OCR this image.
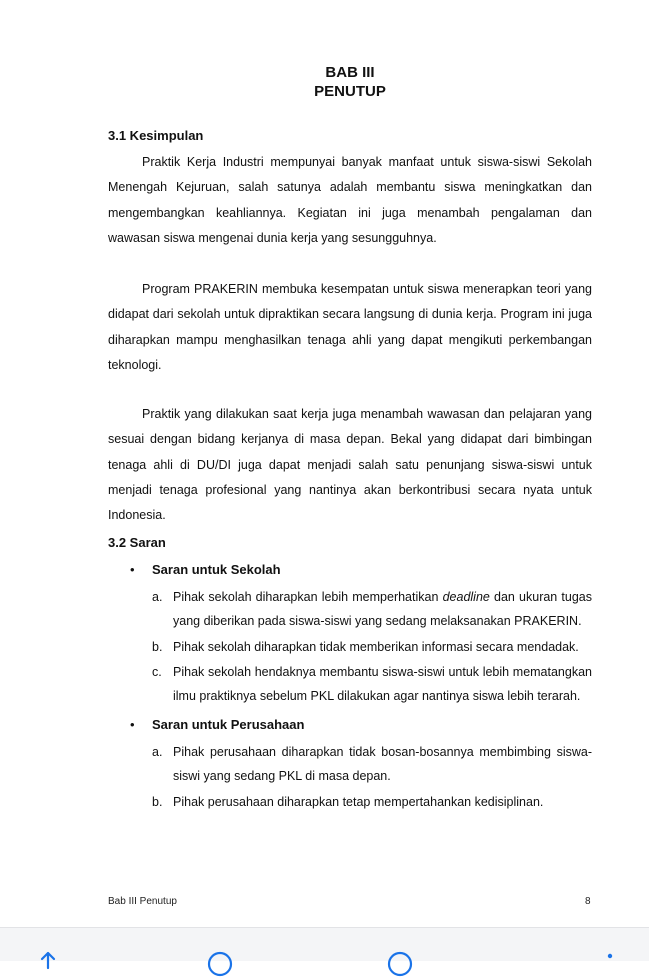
BAB III
PENUTUP
3.1 Kesimpulan
Praktik Kerja Industri mempunyai banyak manfaat untuk siswa-siswi Sekolah Menengah Kejuruan, salah satunya adalah membantu siswa meningkatkan dan mengembangkan keahliannya. Kegiatan ini juga menambah pengalaman dan wawasan siswa mengenai dunia kerja yang sesungguhnya.
Program PRAKERIN membuka kesempatan untuk siswa menerapkan teori yang didapat dari sekolah untuk dipraktikan secara langsung di dunia kerja. Program ini juga diharapkan mampu menghasilkan tenaga ahli yang dapat mengikuti perkembangan teknologi.
Praktik yang dilakukan saat kerja juga menambah wawasan dan pelajaran yang sesuai dengan bidang kerjanya di masa depan. Bekal yang didapat dari bimbingan tenaga ahli di DU/DI juga dapat menjadi salah satu penunjang siswa-siswi untuk menjadi tenaga profesional yang nantinya akan berkontribusi secara nyata untuk Indonesia.
3.2 Saran
• Saran untuk Sekolah
a. Pihak sekolah diharapkan lebih memperhatikan deadline dan ukuran tugas yang diberikan pada siswa-siswi yang sedang melaksanakan PRAKERIN.
b. Pihak sekolah diharapkan tidak memberikan informasi secara mendadak.
c. Pihak sekolah hendaknya membantu siswa-siswi untuk lebih mematangkan ilmu praktiknya sebelum PKL dilakukan agar nantinya siswa lebih terarah.
• Saran untuk Perusahaan
a. Pihak perusahaan diharapkan tidak bosan-bosannya membimbing siswa-siswi yang sedang PKL di masa depan.
b. Pihak perusahaan diharapkan tetap mempertahankan kedisiplinan.
Bab III Penutup	8
